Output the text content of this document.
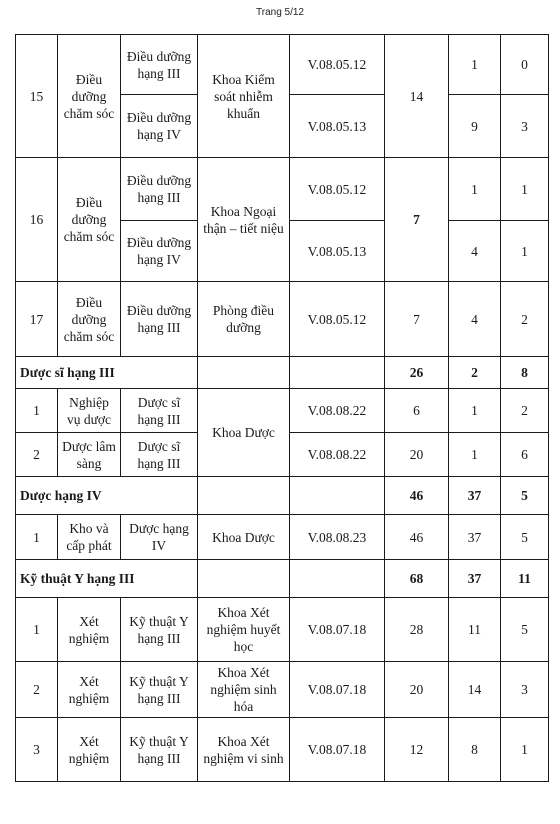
Trang 5/12
15	Điều dưỡng chăm sóc	Điều dưỡng hạng III	Khoa Kiểm soát nhiễm khuẩn	V.08.05.12	14	1	0
		Điều dưỡng hạng IV		V.08.05.13		9	3
16	Điều dưỡng chăm sóc	Điều dưỡng hạng III	Khoa Ngoại thận – tiết niệu	V.08.05.12	7	1	1
		Điều dưỡng hạng IV		V.08.05.13		4	1
17	Điều dưỡng chăm sóc	Điều dưỡng hạng III	Phòng điều dưỡng	V.08.05.12	7	4	2
Dược sĩ hạng III					26	2	8
1	Nghiệp vụ dược	Dược sĩ hạng III	Khoa Dược	V.08.08.22	6	1	2
2	Dược lâm sàng	Dược sĩ hạng III		V.08.08.22	20	1	6
Dược hạng IV					46	37	5
1	Kho và cấp phát	Dược hạng IV	Khoa Dược	V.08.08.23	46	37	5
Kỹ thuật Y hạng III					68	37	11
1	Xét nghiệm	Kỹ thuật Y hạng III	Khoa Xét nghiệm huyết học	V.08.07.18	28	11	5
2	Xét nghiệm	Kỹ thuật Y hạng III	Khoa Xét nghiệm sinh hóa	V.08.07.18	20	14	3
3	Xét nghiệm	Kỹ thuật Y hạng III	Khoa Xét nghiệm vi sinh	V.08.07.18	12	8	1
